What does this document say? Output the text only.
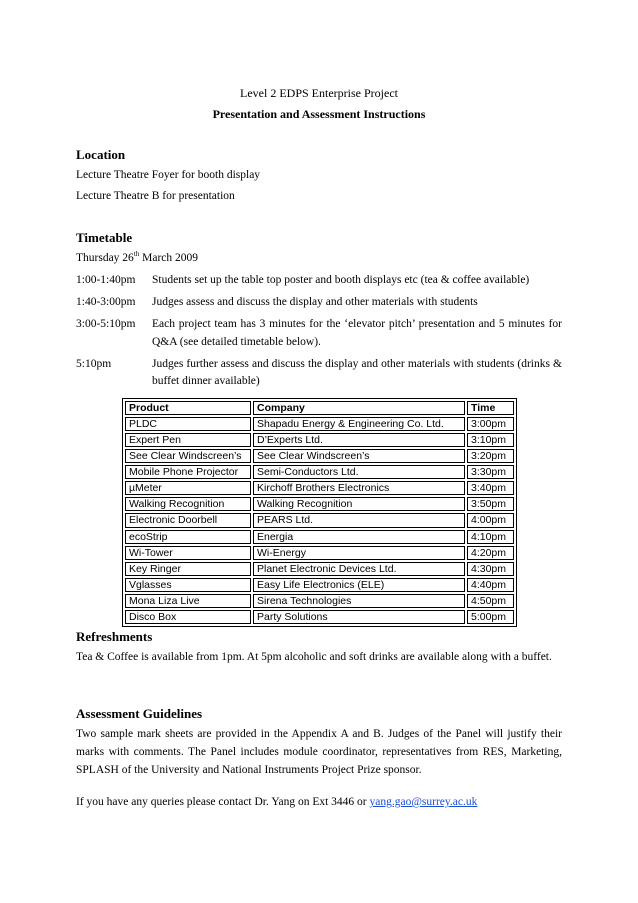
Level 2 EDPS Enterprise Project
Presentation and Assessment Instructions
Location

Lecture Theatre Foyer for booth display

Lecture Theatre B for presentation

Timetable

Thursday 26th March 2009

1:00-1:40pm	Students set up the table top poster and booth displays etc (tea & coffee available)
1:40-3:00pm	Judges assess and discuss the display and other materials with students
3:00-5:10pm	Each project team has 3 minutes for the ‘elevator pitch’ presentation and 5 minutes for Q&A (see detailed timetable below).
5:10pm	Judges further assess and discuss the display and other materials with students (drinks & buffet dinner available)
Product	Company	Time
PLDC	Shapadu Energy & Engineering Co. Ltd.	3:00pm
Expert Pen	D’Experts Ltd.	3:10pm
See Clear Windscreen’s	See Clear Windscreen’s	3:20pm
Mobile Phone Projector	Semi-Conductors Ltd.	3:30pm
µMeter	Kirchoff Brothers Electronics	3:40pm
Walking Recognition	Walking Recognition	3:50pm
Electronic Doorbell	PEARS Ltd.	4:00pm
ecoStrip	Energia	4:10pm
Wi-Tower	Wi-Energy	4:20pm
Key Ringer	Planet Electronic Devices Ltd.	4:30pm
Vglasses	Easy Life Electronics (ELE)	4:40pm
Mona Liza Live	Sirena Technologies	4:50pm
Disco Box	Party Solutions	5:00pm
Refreshments

Tea & Coffee is available from 1pm. At 5pm alcoholic and soft drinks are available along with a buffet.

Assessment Guidelines

Two sample mark sheets are provided in the Appendix A and B. Judges of the Panel will justify their marks with comments. The Panel includes module coordinator, representatives from RES, Marketing, SPLASH of the University and National Instruments Project Prize sponsor.

If you have any queries please contact Dr. Yang on Ext 3446 or yang.gao@surrey.ac.uk
